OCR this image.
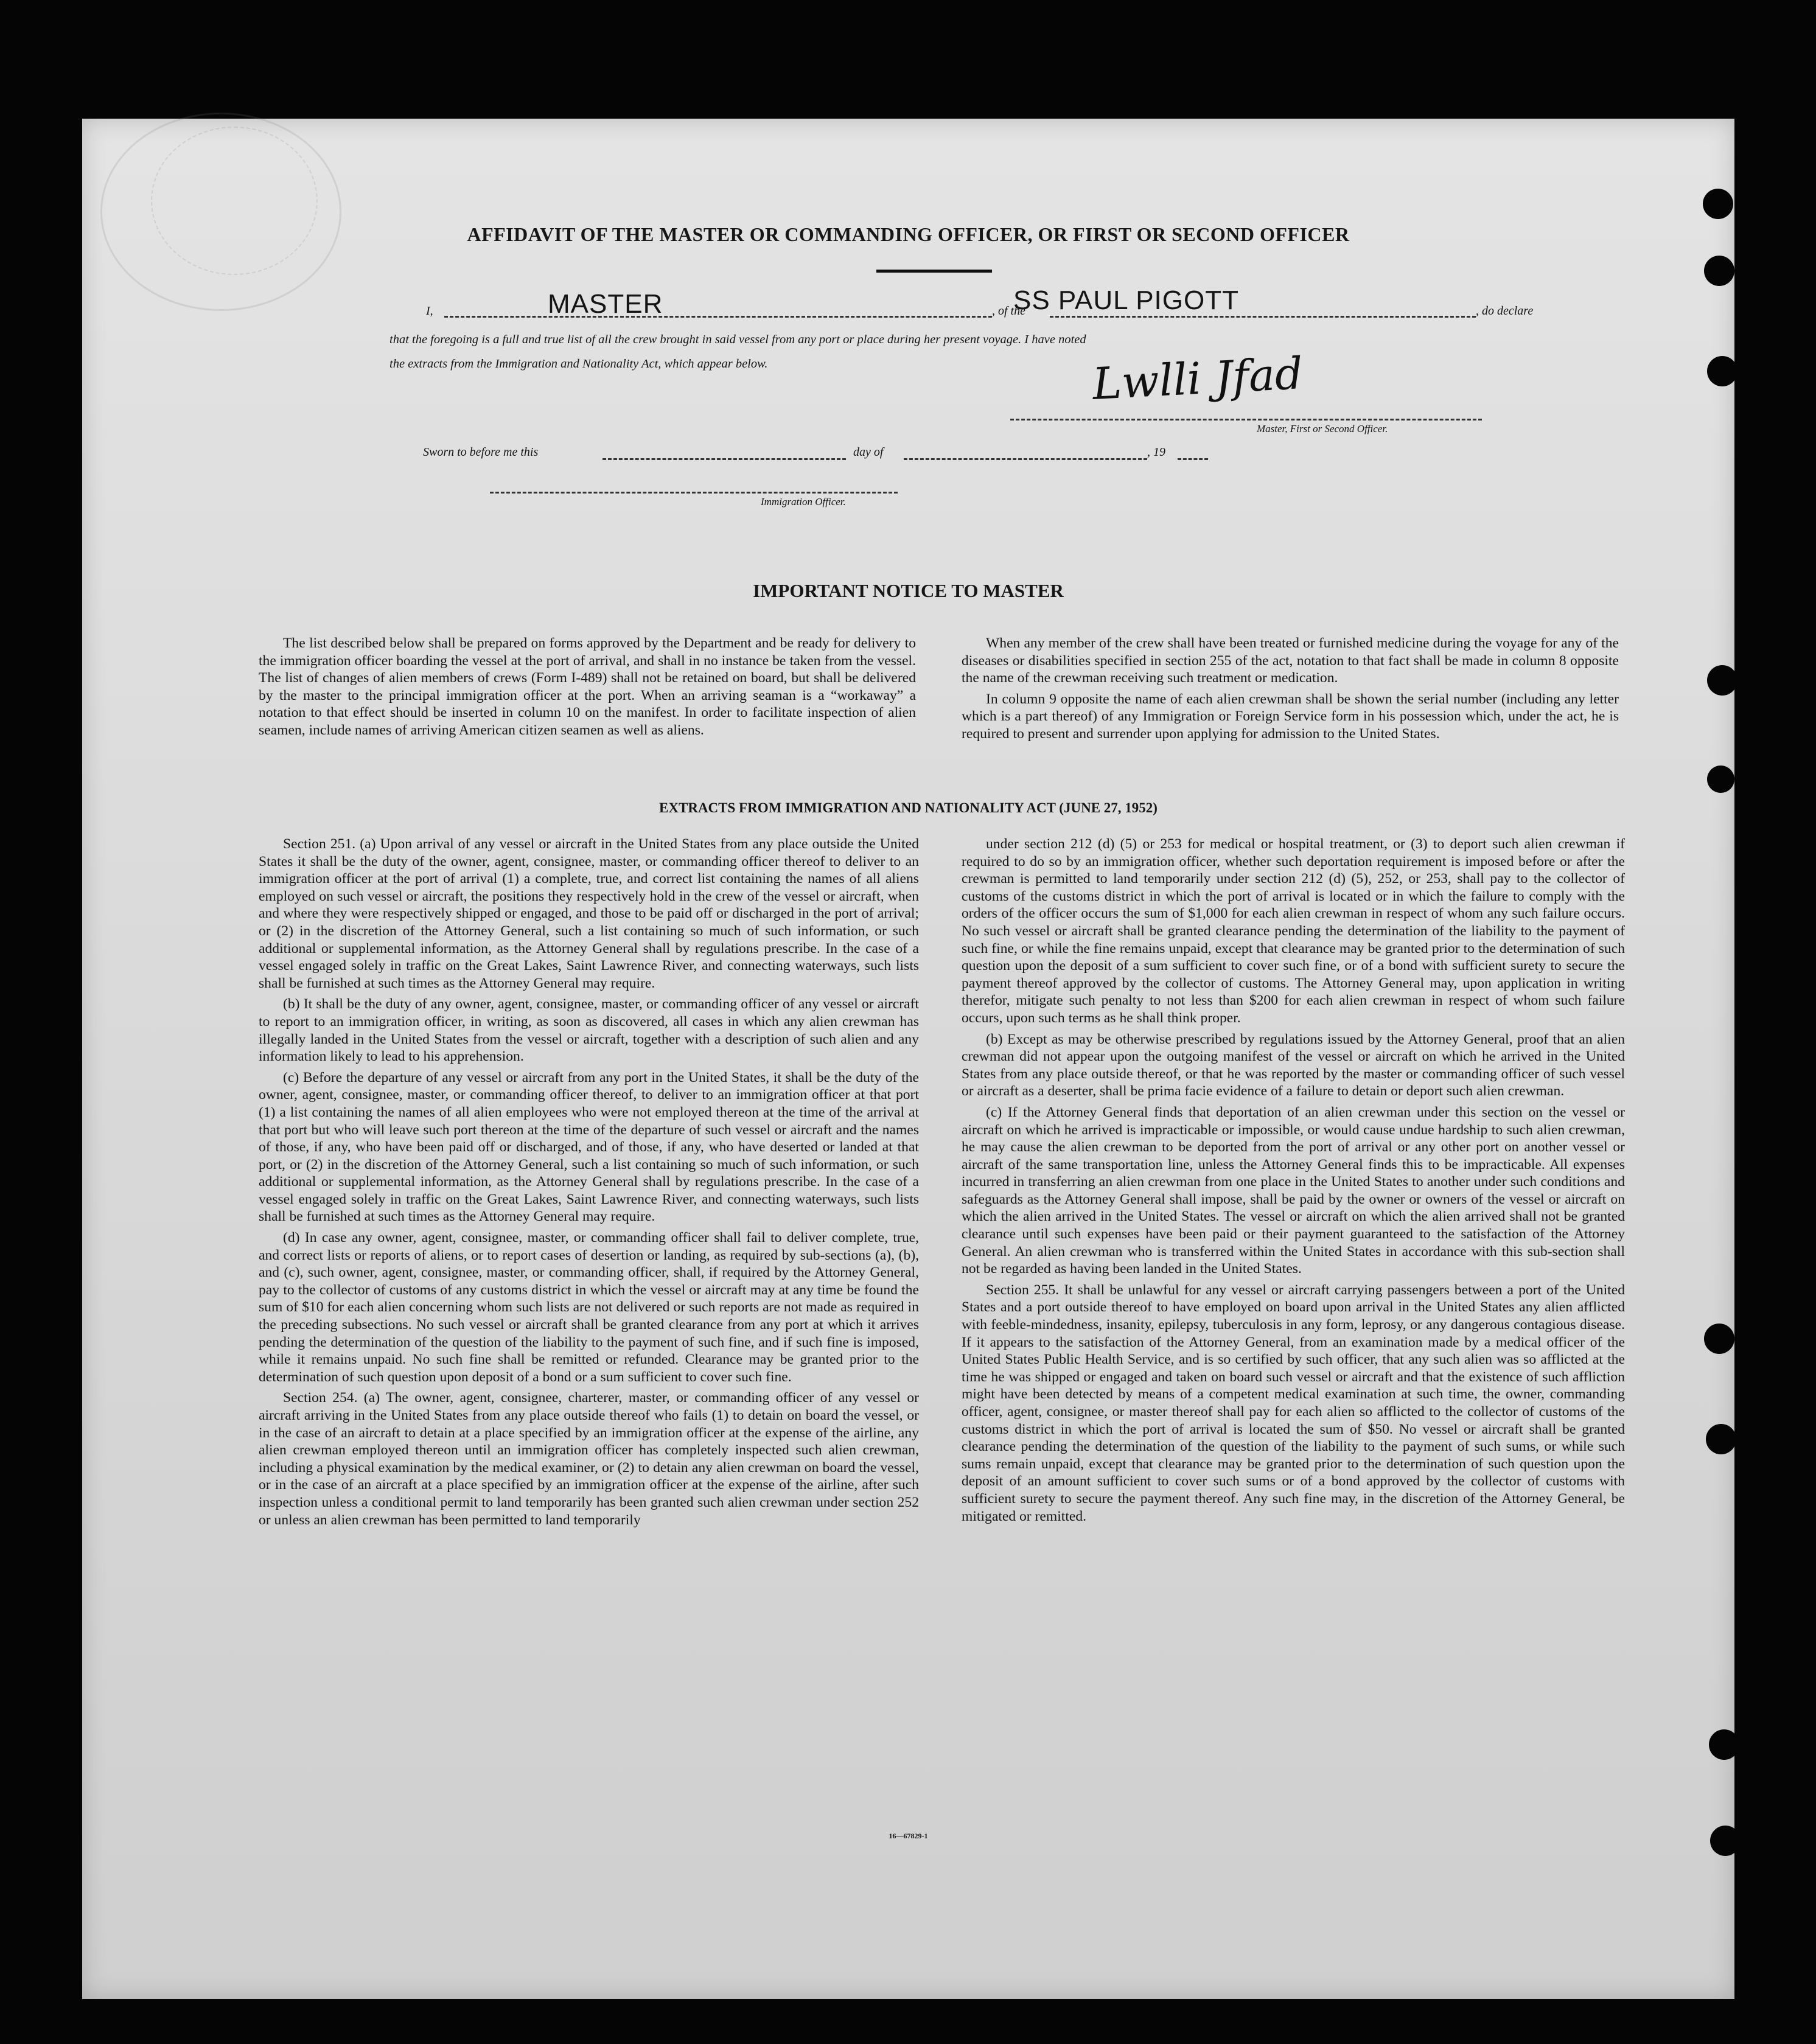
AFFIDAVIT OF THE MASTER OR COMMANDING OFFICER, OR FIRST OR SECOND OFFICER
I,	MASTER	, of the
SS PAUL PIGOTT	, do declare
that the foregoing is a full and true list of all the crew brought in said vessel from any port or place during her present voyage. I have noted
the extracts from the Immigration and Nationality Act, which appear below.	Lwlli Jfad
Master, First or Second Officer.
Sworn to before me this	day of	, 19
Immigration Officer.
IMPORTANT NOTICE TO MASTER

The list described below shall be prepared on forms approved by the Department and be ready for delivery to the immigration officer boarding the vessel at the port of arrival, and shall in no instance be taken from the vessel. The list of changes of alien members of crews (Form I-489) shall not be retained on board, but shall be delivered by the master to the principal immigration officer at the port. When an arriving seaman is a “workaway” a notation to that effect should be inserted in column 10 on the manifest. In order to facilitate inspection of alien seamen, include names of arriving American citizen seamen as well as aliens.

When any member of the crew shall have been treated or furnished medicine during the voyage for any of the diseases or disabilities specified in section 255 of the act, notation to that fact shall be made in column 8 opposite the name of the crewman receiving such treatment or medication.

In column 9 opposite the name of each alien crewman shall be shown the serial number (including any letter which is a part thereof) of any Immigration or Foreign Service form in his possession which, under the act, he is required to present and surrender upon applying for admission to the United States.

EXTRACTS FROM IMMIGRATION AND NATIONALITY ACT (JUNE 27, 1952)

Section 251. (a) Upon arrival of any vessel or aircraft in the United States from any place outside the United States it shall be the duty of the owner, agent, consignee, master, or commanding officer thereof to deliver to an immigration officer at the port of arrival (1) a complete, true, and correct list containing the names of all aliens employed on such vessel or aircraft, the positions they respectively hold in the crew of the vessel or aircraft, when and where they were respectively shipped or engaged, and those to be paid off or discharged in the port of arrival; or (2) in the discretion of the Attorney General, such a list containing so much of such information, or such additional or supplemental information, as the Attorney General shall by regulations prescribe. In the case of a vessel engaged solely in traffic on the Great Lakes, Saint Lawrence River, and connecting waterways, such lists shall be furnished at such times as the Attorney General may require.

(b) It shall be the duty of any owner, agent, consignee, master, or commanding officer of any vessel or aircraft to report to an immigration officer, in writing, as soon as discovered, all cases in which any alien crewman has illegally landed in the United States from the vessel or aircraft, together with a description of such alien and any information likely to lead to his apprehension.

(c) Before the departure of any vessel or aircraft from any port in the United States, it shall be the duty of the owner, agent, consignee, master, or commanding officer thereof, to deliver to an immigration officer at that port (1) a list containing the names of all alien employees who were not employed thereon at the time of the arrival at that port but who will leave such port thereon at the time of the departure of such vessel or aircraft and the names of those, if any, who have been paid off or discharged, and of those, if any, who have deserted or landed at that port, or (2) in the discretion of the Attorney General, such a list containing so much of such information, or such additional or supplemental information, as the Attorney General shall by regulations prescribe. In the case of a vessel engaged solely in traffic on the Great Lakes, Saint Lawrence River, and connecting waterways, such lists shall be furnished at such times as the Attorney General may require.

(d) In case any owner, agent, consignee, master, or commanding officer shall fail to deliver complete, true, and correct lists or reports of aliens, or to report cases of desertion or landing, as required by sub-sections (a), (b), and (c), such owner, agent, consignee, master, or commanding officer, shall, if required by the Attorney General, pay to the collector of customs of any customs district in which the vessel or aircraft may at any time be found the sum of $10 for each alien concerning whom such lists are not delivered or such reports are not made as required in the preceding subsections. No such vessel or aircraft shall be granted clearance from any port at which it arrives pending the determination of the question of the liability to the payment of such fine, and if such fine is imposed, while it remains unpaid. No such fine shall be remitted or refunded. Clearance may be granted prior to the determination of such question upon deposit of a bond or a sum sufficient to cover such fine.

Section 254. (a) The owner, agent, consignee, charterer, master, or commanding officer of any vessel or aircraft arriving in the United States from any place outside thereof who fails (1) to detain on board the vessel, or in the case of an aircraft to detain at a place specified by an immigration officer at the expense of the airline, any alien crewman employed thereon until an immigration officer has completely inspected such alien crewman, including a physical examination by the medical examiner, or (2) to detain any alien crewman on board the vessel, or in the case of an aircraft at a place specified by an immigration officer at the expense of the airline, after such inspection unless a conditional permit to land temporarily has been granted such alien crewman under section 252 or unless an alien crewman has been permitted to land temporarily

under section 212 (d) (5) or 253 for medical or hospital treatment, or (3) to deport such alien crewman if required to do so by an immigration officer, whether such deportation requirement is imposed before or after the crewman is permitted to land temporarily under section 212 (d) (5), 252, or 253, shall pay to the collector of customs of the customs district in which the port of arrival is located or in which the failure to comply with the orders of the officer occurs the sum of $1,000 for each alien crewman in respect of whom any such failure occurs. No such vessel or aircraft shall be granted clearance pending the determination of the liability to the payment of such fine, or while the fine remains unpaid, except that clearance may be granted prior to the determination of such question upon the deposit of a sum sufficient to cover such fine, or of a bond with sufficient surety to secure the payment thereof approved by the collector of customs. The Attorney General may, upon application in writing therefor, mitigate such penalty to not less than $200 for each alien crewman in respect of whom such failure occurs, upon such terms as he shall think proper.

(b) Except as may be otherwise prescribed by regulations issued by the Attorney General, proof that an alien crewman did not appear upon the outgoing manifest of the vessel or aircraft on which he arrived in the United States from any place outside thereof, or that he was reported by the master or commanding officer of such vessel or aircraft as a deserter, shall be prima facie evidence of a failure to detain or deport such alien crewman.

(c) If the Attorney General finds that deportation of an alien crewman under this section on the vessel or aircraft on which he arrived is impracticable or impossible, or would cause undue hardship to such alien crewman, he may cause the alien crewman to be deported from the port of arrival or any other port on another vessel or aircraft of the same transportation line, unless the Attorney General finds this to be impracticable. All expenses incurred in transferring an alien crewman from one place in the United States to another under such conditions and safeguards as the Attorney General shall impose, shall be paid by the owner or owners of the vessel or aircraft on which the alien arrived in the United States. The vessel or aircraft on which the alien arrived shall not be granted clearance until such expenses have been paid or their payment guaranteed to the satisfaction of the Attorney General. An alien crewman who is transferred within the United States in accordance with this sub-section shall not be regarded as having been landed in the United States.

Section 255. It shall be unlawful for any vessel or aircraft carrying passengers between a port of the United States and a port outside thereof to have employed on board upon arrival in the United States any alien afflicted with feeble-mindedness, insanity, epilepsy, tuberculosis in any form, leprosy, or any dangerous contagious disease. If it appears to the satisfaction of the Attorney General, from an examination made by a medical officer of the United States Public Health Service, and is so certified by such officer, that any such alien was so afflicted at the time he was shipped or engaged and taken on board such vessel or aircraft and that the existence of such affliction might have been detected by means of a competent medical examination at such time, the owner, commanding officer, agent, consignee, or master thereof shall pay for each alien so afflicted to the collector of customs of the customs district in which the port of arrival is located the sum of $50. No vessel or aircraft shall be granted clearance pending the determination of the question of the liability to the payment of such sums, or while such sums remain unpaid, except that clearance may be granted prior to the determination of such question upon the deposit of an amount sufficient to cover such sums or of a bond approved by the collector of customs with sufficient surety to secure the payment thereof. Any such fine may, in the discretion of the Attorney General, be mitigated or remitted.

16—67829-1
